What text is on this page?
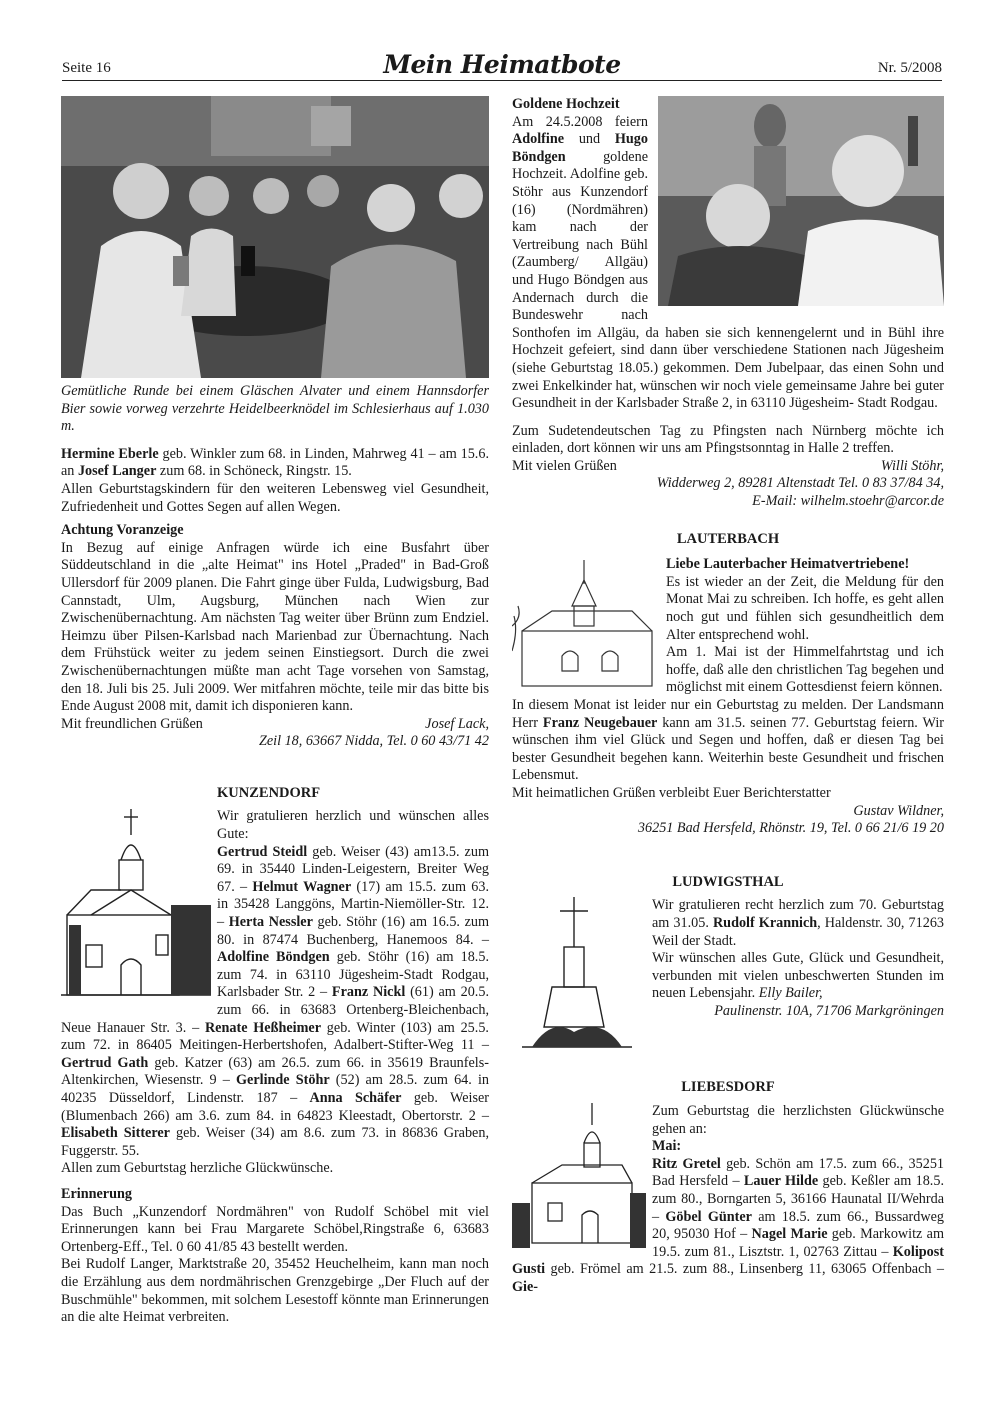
Seite 16	Mein Heimatbote	Nr. 5/2008

Gemütliche Runde bei einem Gläschen Alvater und einem Hannsdorfer Bier sowie vorweg verzehrte Heidelbeerknödel im Schlesierhaus auf 1.030 m.

Hermine Eberle geb. Winkler zum 68. in Linden, Mahrweg 41 – am 15.6. an Josef Langer zum 68. in Schöneck, Ringstr. 15.

Allen Geburtstagskindern für den weiteren Lebensweg viel Gesundheit, Zufriedenheit und Gottes Segen auf allen Wegen.

Achtung Voranzeige

In Bezug auf einige Anfragen würde ich eine Busfahrt über Süddeutschland in die „alte Heimat" ins Hotel „Praded" in Bad-Groß Ullersdorf für 2009 planen. Die Fahrt ginge über Fulda, Ludwigsburg, Bad Cannstadt, Ulm, Augsburg, München nach Wien zur Zwischenübernachtung. Am nächsten Tag weiter über Brünn zum Endziel. Heimzu über Pilsen-Karlsbad nach Marienbad zur Übernachtung. Nach dem Frühstück weiter zu jedem seinen Einstiegsort. Durch die zwei Zwischenübernachtungen müßte man acht Tage vorsehen von Samstag, den 18. Juli bis 25. Juli 2009. Wer mitfahren möchte, teile mir das bitte bis Ende August 2008 mit, damit ich disponieren kann.

Mit freundlichen Grüßen	Josef Lack,

Zeil 18, 63667 Nidda, Tel. 0 60 43/71 42

KUNZENDORF

Wir gratulieren herzlich und wünschen alles Gute:

Gertrud Steidl geb. Weiser (43) am13.5. zum 69. in 35440 Linden-Leigestern, Breiter Weg 67. – Helmut Wagner (17) am 15.5. zum 63. in 35428 Langgöns, Martin-Niemöller-Str. 12. – Herta Nessler geb. Stöhr (16) am 16.5. zum 80. in 87474 Buchenberg, Hanemoos 84. – Adolfine Böndgen geb. Stöhr (16) am 18.5. zum 74. in 63110 Jügesheim-Stadt Rodgau, Karlsbader Str. 2 – Franz Nickl (61) am 20.5. zum 66. in 63683 Ortenberg-Bleichenbach, Neue Hanauer Str. 3. – Renate Heßheimer geb. Winter (103) am 25.5. zum 72. in 86405 Meitingen-Herbertshofen, Adalbert-Stifter-Weg 11 – Gertrud Gath geb. Katzer (63) am 26.5. zum 66. in 35619 Braunfels-Altenkirchen, Wiesenstr. 9 – Gerlinde Stöhr (52) am 28.5. zum 64. in 40235 Düsseldorf, Lindenstr. 187 – Anna Schäfer geb. Weiser (Blumenbach 266) am 3.6. zum 84. in 64823 Kleestadt, Obertorstr. 2 – Elisabeth Sitterer geb. Weiser (34) am 8.6. zum 73. in 86836 Graben, Fuggerstr. 55.

Allen zum Geburtstag herzliche Glückwünsche.

Erinnerung

Das Buch „Kunzendorf Nordmähren" von Rudolf Schöbel mit viel Erinnerungen kann bei Frau Margarete Schöbel,Ringstraße 6, 63683 Ortenberg-Eff., Tel. 0 60 41/85 43 bestellt werden.

Bei Rudolf Langer, Marktstraße 20, 35452 Heuchelheim, kann man noch die Erzählung aus dem nordmährischen Grenzgebirge „Der Fluch auf der Buschmühle" bekommen, mit solchem Lesestoff könnte man Erinnerungen an die alte Heimat verbreiten.

Goldene Hochzeit

Am 24.5.2008 feiern Adolfine und Hugo Böndgen goldene Hochzeit. Adolfine geb. Stöhr aus Kunzendorf (16) (Nordmähren) kam nach der Vertreibung nach Bühl (Zaumberg/ Allgäu) und Hugo Böndgen aus Andernach durch die Bundeswehr nach Sonthofen im Allgäu, da haben sie sich kennengelernt und in Bühl ihre Hochzeit gefeiert, sind dann über verschiedene Stationen nach Jügesheim (siehe Geburtstag 18.05.) gekommen. Dem Jubelpaar, das einen Sohn und zwei Enkelkinder hat, wünschen wir noch viele gemeinsame Jahre bei guter Gesundheit in der Karlsbader Straße 2, in 63110 Jügesheim- Stadt Rodgau.

Zum Sudetendeutschen Tag zu Pfingsten nach Nürnberg möchte ich einladen, dort können wir uns am Pfingstsonntag in Halle 2 treffen.

Mit vielen Grüßen	Willi Stöhr,

Widderweg 2, 89281 Altenstadt Tel. 0 83 37/84 34,

E-Mail: wilhelm.stoehr@arcor.de

LAUTERBACH

Liebe Lauterbacher Heimatvertriebene!

Es ist wieder an der Zeit, die Meldung für den Monat Mai zu schreiben. Ich hoffe, es geht allen noch gut und fühlen sich gesundheitlich dem Alter entsprechend wohl.

Am 1. Mai ist der Himmelfahrtstag und ich hoffe, daß alle den christlichen Tag begehen und möglichst mit einem Gottesdienst feiern können.

In diesem Monat ist leider nur ein Geburtstag zu melden. Der Landsmann Herr Franz Neugebauer kann am 31.5. seinen 77. Geburtstag feiern. Wir wünschen ihm viel Glück und Segen und hoffen, daß er diesen Tag bei bester Gesundheit begehen kann. Weiterhin beste Gesundheit und frischen Lebensmut.

Mit heimatlichen Grüßen verbleibt Euer Berichterstatter

Gustav Wildner,

36251 Bad Hersfeld, Rhönstr. 19, Tel. 0 66 21/6 19 20

LUDWIGSTHAL

Wir gratulieren recht herzlich zum 70. Geburtstag am 31.05. Rudolf Krannich, Haldenstr. 30, 71263 Weil der Stadt.

Wir wünschen alles Gute, Glück und Gesundheit, verbunden mit vielen unbeschwerten Stunden im neuen Lebensjahr. Elly Bailer,

Paulinenstr. 10A, 71706 Markgröningen

LIEBESDORF

Zum Geburtstag die herzlichsten Glückwünsche gehen an:

Mai:

Ritz Gretel geb. Schön am 17.5. zum 66., 35251 Bad Hersfeld – Lauer Hilde geb. Keßler am 18.5. zum 80., Borngarten 5, 36166 Haunatal II/Wehrda – Göbel Günter am 18.5. zum 66., Bussardweg 20, 95030 Hof – Nagel Marie geb. Markowitz am 19.5. zum 81., Lisztstr. 1, 02763 Zittau – Kolipost Gusti geb. Frömel am 21.5. zum 88., Linsenberg 11, 63065 Offenbach – Gie-
